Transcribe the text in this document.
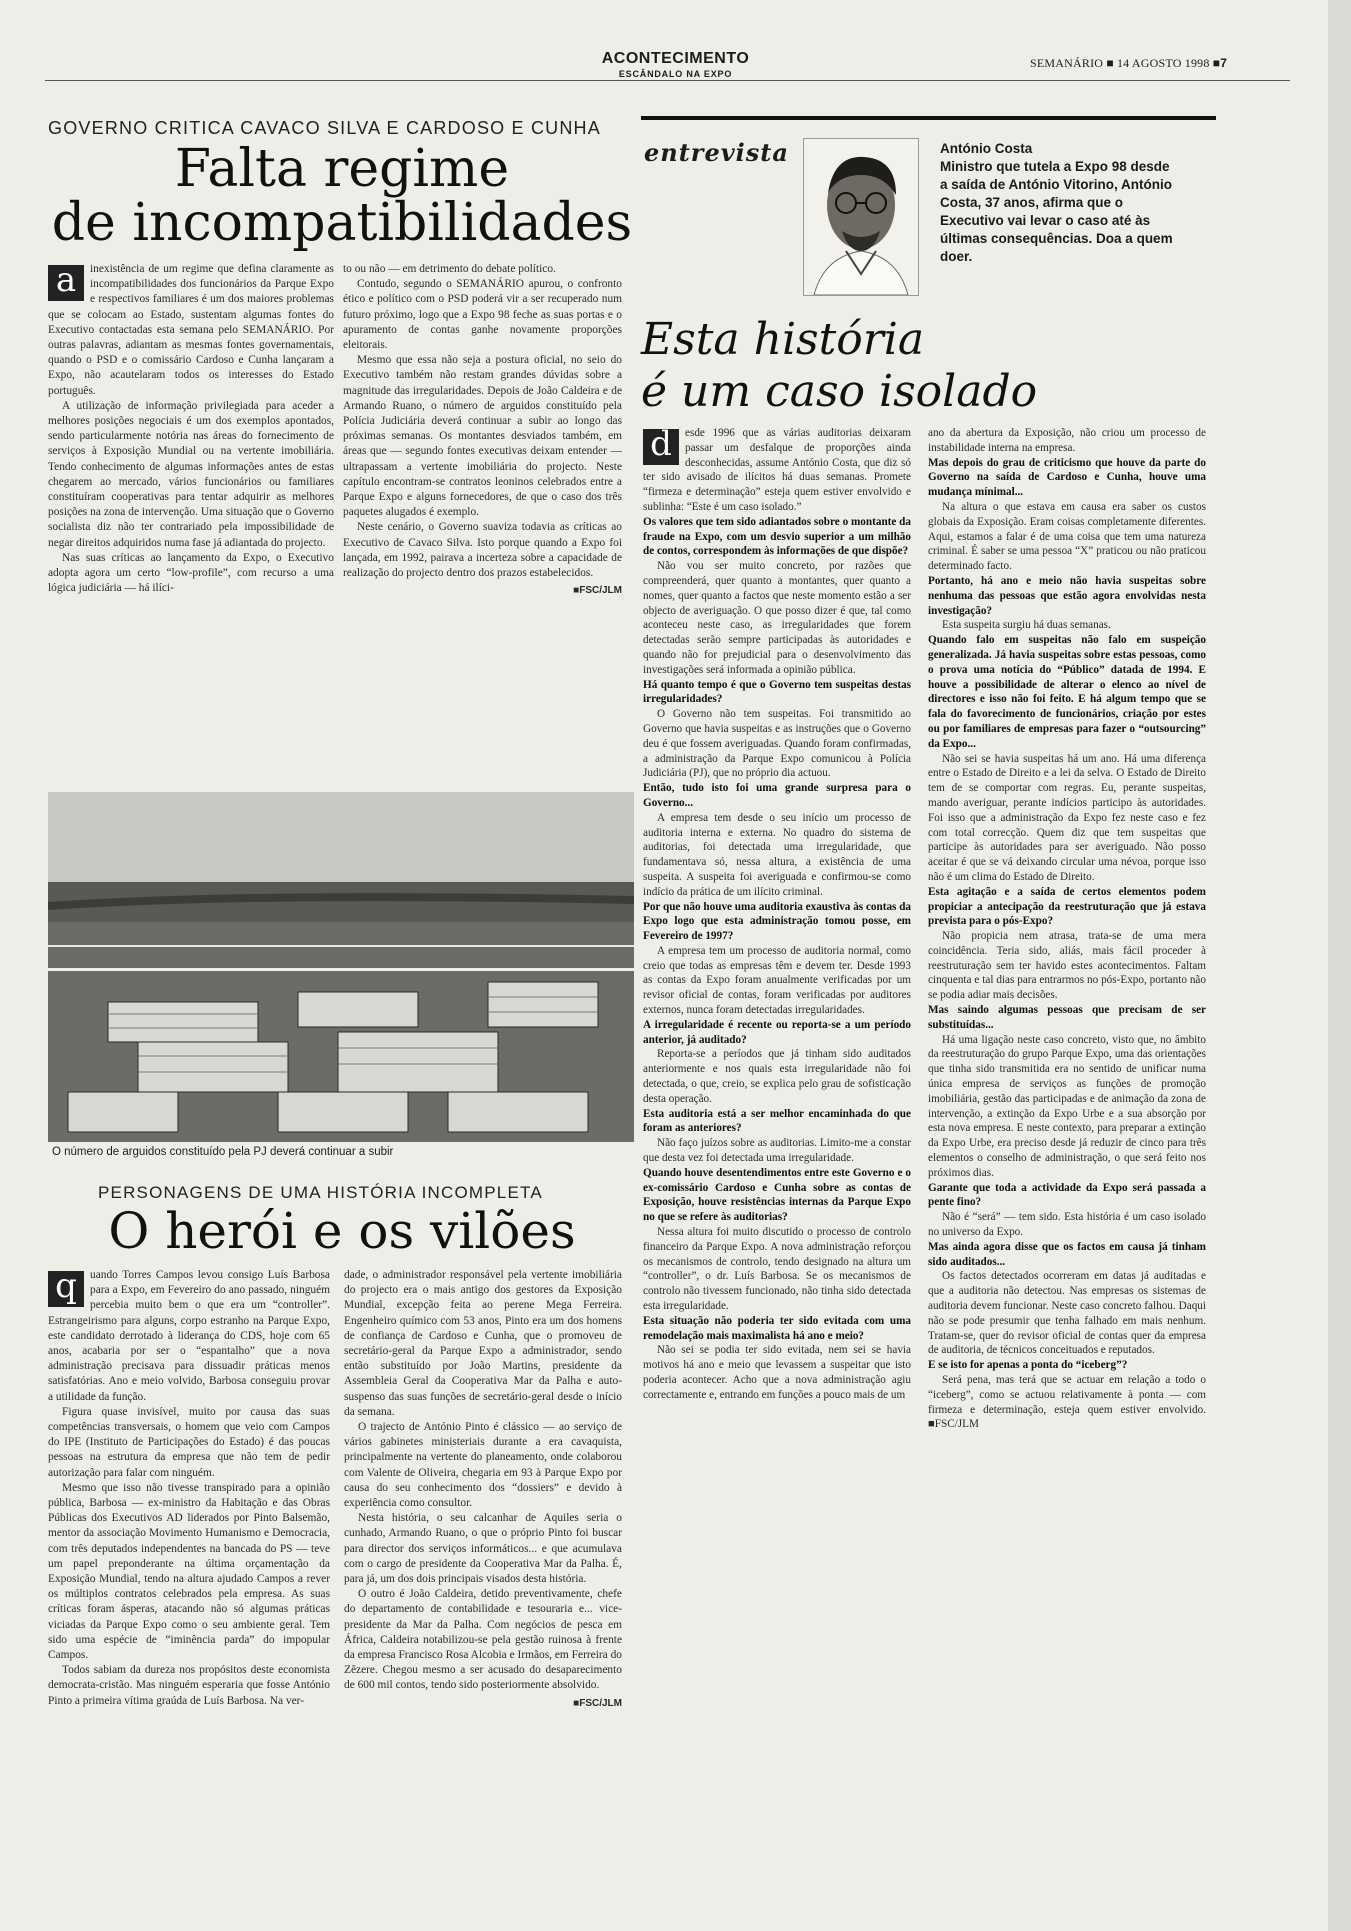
ACONTECIMENTO
ESCÂNDALO NA EXPO
SEMANÁRIO ■ 14 AGOSTO 1998 ■7
GOVERNO CRITICA CAVACO SILVA E CARDOSO E CUNHA
Falta regime
de incompatibilidades
a	inexistência de um regime que defina claramente as incompatibilidades dos funcionários da Parque Expo e respectivos familiares é um dos maiores problemas que se colocam ao Estado, sustentam algumas fontes do Executivo contactadas esta semana pelo SEMANÁRIO. Por outras palavras, adiantam as mesmas fontes governamentais, quando o PSD e o comissário Cardoso e Cunha lançaram a Expo, não acautelaram todos os interesses do Estado português.

A utilização de informação privilegiada para aceder a melhores posições negociais é um dos exemplos apontados, sendo particularmente notória nas áreas do fornecimento de serviços à Exposição Mundial ou na vertente imobiliária. Tendo conhecimento de algumas informações antes de estas chegarem ao mercado, vários funcionários ou familiares constituíram cooperativas para tentar adquirir as melhores posições na zona de intervenção. Uma situação que o Governo socialista diz não ter contrariado pela impossibilidade de negar direitos adquiridos numa fase já adiantada do projecto.

Nas suas críticas ao lançamento da Expo, o Executivo adopta agora um certo “low-profile”, com recurso a uma lógica judiciária — há ilíci-

to ou não — em detrimento do debate político.

Contudo, segundo o SEMANÁRIO apurou, o confronto ético e político com o PSD poderá vir a ser recuperado num futuro próximo, logo que a Expo 98 feche as suas portas e o apuramento de contas ganhe novamente proporções eleitorais.

Mesmo que essa não seja a postura oficial, no seio do Executivo também não restam grandes dúvidas sobre a magnitude das irregularidades. Depois de João Caldeira e de Armando Ruano, o número de arguidos constituído pela Polícia Judiciária deverá continuar a subir ao longo das próximas semanas. Os montantes desviados também, em áreas que — segundo fontes executivas deixam entender — ultrapassam a vertente imobiliária do projecto. Neste capítulo encontram-se contratos leoninos celebrados entre a Parque Expo e alguns fornecedores, de que o caso dos três paquetes alugados é exemplo.

Neste cenário, o Governo suaviza todavia as críticas ao Executivo de Cavaco Silva. Isto porque quando a Expo foi lançada, em 1992, pairava a incerteza sobre a capacidade de realização do projecto dentro dos prazos estabelecidos.

■FSC/JLM
O número de arguidos constituído pela PJ deverá continuar a subir
PERSONAGENS DE UMA HISTÓRIA INCOMPLETA
O herói e os vilões
q	uando Torres Campos levou consigo Luís Barbosa para a Expo, em Fevereiro do ano passado, ninguém percebia muito bem o que era um “controller”. Estrangeirismo para alguns, corpo estranho na Parque Expo, este candidato derrotado à liderança do CDS, hoje com 65 anos, acabaria por ser o “espantalho” que a nova administração precisava para dissuadir práticas menos satisfatórias. Ano e meio volvido, Barbosa conseguiu provar a utilidade da função.

Figura quase invisível, muito por causa das suas competências transversais, o homem que veio com Campos do IPE (Instituto de Participações do Estado) é das poucas pessoas na estrutura da empresa que não tem de pedir autorização para falar com ninguém.

Mesmo que isso não tivesse transpirado para a opinião pública, Barbosa — ex-ministro da Habitação e das Obras Públicas dos Executivos AD liderados por Pinto Balsemão, mentor da associação Movimento Humanismo e Democracia, com três deputados independentes na bancada do PS — teve um papel preponderante na última orçamentação da Exposição Mundial, tendo na altura ajudado Campos a rever os múltiplos contratos celebrados pela empresa. As suas críticas foram ásperas, atacando não só algumas práticas viciadas da Parque Expo como o seu ambiente geral. Tem sido uma espécie de “iminência parda” do impopular Campos.

Todos sabiam da dureza nos propósitos deste economista democrata-cristão. Mas ninguém esperaria que fosse António Pinto a primeira vítima graúda de Luís Barbosa. Na ver-

dade, o administrador responsável pela vertente imobiliária do projecto era o mais antigo dos gestores da Exposição Mundial, excepção feita ao perene Mega Ferreira. Engenheiro químico com 53 anos, Pinto era um dos homens de confiança de Cardoso e Cunha, que o promoveu de secretário-geral da Parque Expo a administrador, sendo então substituído por João Martins, presidente da Assembleia Geral da Cooperativa Mar da Palha e auto-suspenso das suas funções de secretário-geral desde o início da semana.

O trajecto de António Pinto é clássico — ao serviço de vários gabinetes ministeriais durante a era cavaquista, principalmente na vertente do planeamento, onde colaborou com Valente de Oliveira, chegaria em 93 à Parque Expo por causa do seu conhecimento dos “dossiers” e devido à experiência como consultor.

Nesta história, o seu calcanhar de Aquiles seria o cunhado, Armando Ruano, o que o próprio Pinto foi buscar para director dos serviços informáticos... e que acumulava com o cargo de presidente da Cooperativa Mar da Palha. É, para já, um dos dois principais visados desta história.

O outro é João Caldeira, detido preventivamente, chefe do departamento de contabilidade e tesouraria e... vice-presidente da Mar da Palha. Com negócios de pesca em África, Caldeira notabilizou-se pela gestão ruinosa à frente da empresa Francisco Rosa Alcobia e Irmãos, em Ferreira do Zêzere. Chegou mesmo a ser acusado do desaparecimento de 600 mil contos, tendo sido posteriormente absolvido.

■FSC/JLM
entrevista	António Costa
Ministro que tutela a Expo 98 desde a saída de António Vitorino, António Costa, 37 anos, afirma que o Executivo vai levar o caso até às últimas consequências. Doa a quem doer.
Esta história
é um caso isolado
d	esde 1996 que as várias auditorias deixaram passar um desfalque de proporções ainda desconhecidas, assume António Costa, que diz só ter sido avisado de ilícitos há duas semanas. Promete “firmeza e determinação” esteja quem estiver envolvido e sublinha: “Este é um caso isolado.”

Os valores que tem sido adiantados sobre o montante da fraude na Expo, com um desvio superior a um milhão de contos, correspondem às informações de que dispõe?

Não vou ser muito concreto, por razões que compreenderá, quer quanto a montantes, quer quanto a nomes, quer quanto a factos que neste momento estão a ser objecto de averiguação. O que posso dizer é que, tal como aconteceu neste caso, as irregularidades que forem detectadas serão sempre participadas às autoridades e quando não for prejudicial para o desenvolvimento das investigações será informada a opinião pública.

Há quanto tempo é que o Governo tem suspeitas destas irregularidades?

O Governo não tem suspeitas. Foi transmitido ao Governo que havia suspeitas e as instruções que o Governo deu é que fossem averiguadas. Quando foram confirmadas, a administração da Parque Expo comunicou à Polícia Judiciária (PJ), que no próprio dia actuou.

Então, tudo isto foi uma grande surpresa para o Governo...

A empresa tem desde o seu início um processo de auditoria interna e externa. No quadro do sistema de auditorias, foi detectada uma irregularidade, que fundamentava só, nessa altura, a existência de uma suspeita. A suspeita foi averiguada e confirmou-se como indício da prática de um ilícito criminal.

Por que não houve uma auditoria exaustiva às contas da Expo logo que esta administração tomou posse, em Fevereiro de 1997?

A empresa tem um processo de auditoria normal, como creio que todas as empresas têm e devem ter. Desde 1993 as contas da Expo foram anualmente verificadas por um revisor oficial de contas, foram verificadas por auditores externos, nunca foram detectadas irregularidades.

A irregularidade é recente ou reporta-se a um período anterior, já auditado?

Reporta-se a períodos que já tinham sido auditados anteriormente e nos quais esta irregularidade não foi detectada, o que, creio, se explica pelo grau de sofisticação desta operação.

Esta auditoria está a ser melhor encaminhada do que foram as anteriores?

Não faço juízos sobre as auditorias. Limito-me a constar que desta vez foi detectada uma irregularidade.

Quando houve desentendimentos entre este Governo e o ex-comissário Cardoso e Cunha sobre as contas de Exposição, houve resistências internas da Parque Expo no que se refere às auditorias?

Nessa altura foi muito discutido o processo de controlo financeiro da Parque Expo. A nova administração reforçou os mecanismos de controlo, tendo designado na altura um “controller”, o dr. Luís Barbosa. Se os mecanismos de controlo não tivessem funcionado, não tinha sido detectada esta irregularidade.

Esta situação não poderia ter sido evitada com uma remodelação mais maximalista há ano e meio?

Não sei se podia ter sido evitada, nem sei se havia motivos há ano e meio que levassem a suspeitar que isto poderia acontecer. Acho que a nova administração agiu correctamente e, entrando em funções a pouco mais de um

ano da abertura da Exposição, não criou um processo de instabilidade interna na empresa.

Mas depois do grau de criticismo que houve da parte do Governo na saída de Cardoso e Cunha, houve uma mudança mínimal...

Na altura o que estava em causa era saber os custos globais da Exposição. Eram coisas completamente diferentes. Aqui, estamos a falar é de uma coisa que tem uma natureza criminal. É saber se uma pessoa “X” praticou ou não praticou determinado facto.

Portanto, há ano e meio não havia suspeitas sobre nenhuma das pessoas que estão agora envolvidas nesta investigação?

Esta suspeita surgiu há duas semanas.

Quando falo em suspeitas não falo em suspeição generalizada. Já havia suspeitas sobre estas pessoas, como o prova uma notícia do “Público” datada de 1994. E houve a possibilidade de alterar o elenco ao nível de directores e isso não foi feito. E há algum tempo que se fala do favorecimento de funcionários, criação por estes ou por familiares de empresas para fazer o “outsourcing” da Expo...

Não sei se havia suspeitas há um ano. Há uma diferença entre o Estado de Direito e a lei da selva. O Estado de Direito tem de se comportar com regras. Eu, perante suspeitas, mando averiguar, perante indícios participo às autoridades. Foi isso que a administração da Expo fez neste caso e fez com total correcção. Quem diz que tem suspeitas que participe às autoridades para ser averiguado. Não posso aceitar é que se vá deixando circular uma névoa, porque isso não é um clima do Estado de Direito.

Esta agitação e a saída de certos elementos podem propiciar a antecipação da reestruturação que já estava prevista para o pós-Expo?

Não propicia nem atrasa, trata-se de uma mera coincidência. Teria sido, aliás, mais fácil proceder à reestruturação sem ter havido estes acontecimentos. Faltam cinquenta e tal dias para entrarmos no pós-Expo, portanto não se podia adiar mais decisões.

Mas saindo algumas pessoas que precisam de ser substituídas...

Há uma ligação neste caso concreto, visto que, no âmbito da reestruturação do grupo Parque Expo, uma das orientações que tinha sido transmitida era no sentido de unificar numa única empresa de serviços as funções de promoção imobiliária, gestão das participadas e de animação da zona de intervenção, a extinção da Expo Urbe e a sua absorção por esta nova empresa. E neste contexto, para preparar a extinção da Expo Urbe, era preciso desde já reduzir de cinco para três elementos o conselho de administração, o que será feito nos próximos dias.

Garante que toda a actividade da Expo será passada a pente fino?

Não é “será” — tem sido. Esta história é um caso isolado no universo da Expo.

Mas ainda agora disse que os factos em causa já tinham sido auditados...

Os factos detectados ocorreram em datas já auditadas e que a auditoria não detectou. Nas empresas os sistemas de auditoria devem funcionar. Neste caso concreto falhou. Daqui não se pode presumir que tenha falhado em mais nenhum. Tratam-se, quer do revisor oficial de contas quer da empresa de auditoria, de técnicos conceituados e reputados.

E se isto for apenas a ponta do “iceberg”?

Será pena, mas terá que se actuar em relação a todo o “iceberg”, como se actuou relativamente à ponta — com firmeza e determinação, esteja quem estiver envolvido. ■FSC/JLM
